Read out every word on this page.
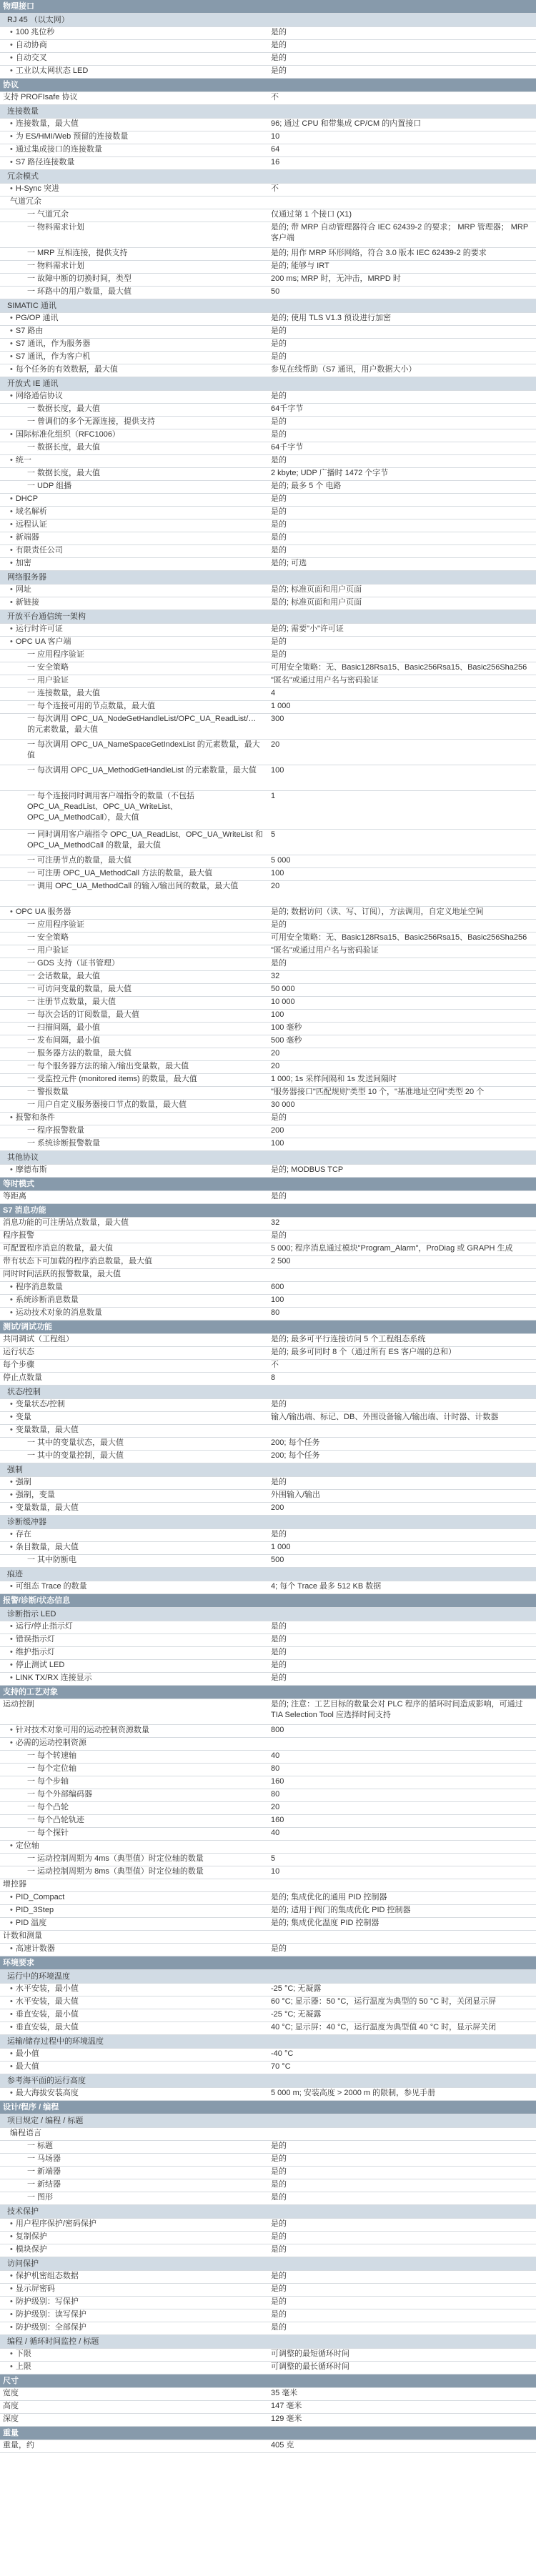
物理接口	
RJ 45 （以太网）	
• 100 兆位秒	是的
• 自动协商	是的
• 自动交叉	是的
• 工业以太网状态 LED	是的
协议	
支持 PROFIsafe 协议	不
连接数量	
• 连接数量，最大值	96; 通过 CPU 和带集成 CP/CM 的内置接口
• 为 ES/HMI/Web 预留的连接数量	10
• 通过集成接口的连接数量	64
• S7 路径连接数量	16
冗余模式	
• H-Sync 突进	不
气道冗余	
一 气道冗余	仅通过第 1 个接口 (X1)
一 物料需求计划	是的; 带 MRP 自动管理器符合 IEC 62439-2 的要求； MRP 管理器； MRP 客户端
一 MRP 互相连接，提供支持	是的; 用作 MRP 环形网络，符合 3.0 版本 IEC 62439-2 的要求
一 物料需求计划	是的; 能够与 IRT
一 故障中断的切换时间，类型	200 ms; MRP 时，无冲击，MRPD 时
一 环路中的用户数量，最大值	50
SIMATIC 通讯	
• PG/OP 通讯	是的; 使用 TLS V1.3 预设进行加密
• S7 路由	是的
• S7 通讯，作为服务器	是的
• S7 通讯，作为客户机	是的
• 每个任务的有效数据，最大值	参见在线帮助（S7 通讯，用户数据大小）
开放式 IE 通讯	
• 网络通信协议	是的
一 数据长度，最大值	64千字节
一 曾调们的多个无源连接，提供支持	是的
• 国际标准化组织（RFC1006）	是的
一 数据长度，最大值	64千字节
• 统一	是的
一 数据长度，最大值	2 kbyte; UDP 广播时 1472 个字节
一 UDP 组播	是的; 最多 5 个 电路
• DHCP	是的
• 域名解析	是的
• 远程认证	是的
• 新端器	是的
• 有限责任公司	是的
• 加密	是的; 可选
网络服务器	
• 网址	是的; 标准页面和用户页面
• 新链接	是的; 标准页面和用户页面
开放平台通信统一架构	
• 运行时许可证	是的; 需要"小"许可证
• OPC UA 客户端	是的
一 应用程序验证	是的
一 安全策略	可用安全策略：无、Basic128Rsa15、Basic256Rsa15、Basic256Sha256
一 用户验证	"匿名"或通过用户名与密码验证
一 连接数量，最大值	4
一 每个连接可用的节点数量，最大值	1 000
一 每次调用 OPC_UA_NodeGetHandleList/OPC_UA_ReadList/… 的元素数量，最大值	300
一 每次调用 OPC_UA_NameSpaceGetIndexList 的元素数量，最大值	20
一 每次调用 OPC_UA_MethodGetHandleList 的元素数量，最大值	100
一 每个连接同时调用客户端指令的数量（不包括 OPC_UA_ReadList、OPC_UA_WriteList、OPC_UA_MethodCall），最大值	1
一 同时调用客户端指令 OPC_UA_ReadList、OPC_UA_WriteList 和 OPC_UA_MethodCall 的数量，最大值	5
一 可注册节点的数量，最大值	5 000
一 可注册 OPC_UA_MethodCall 方法的数量，最大值	100
一 调用 OPC_UA_MethodCall 的输入/输出间的数量，最大值	20
• OPC UA 服务器	是的; 数据访问（读、写、订阅），方法调用，自定义地址空间
一 应用程序验证	是的
一 安全策略	可用安全策略：无、Basic128Rsa15、Basic256Rsa15、Basic256Sha256
一 用户验证	"匿名"或通过用户名与密码验证
一 GDS 支持（证书管理）	是的
一 会话数量，最大值	32
一 可访问变量的数量，最大值	50 000
一 注册节点数量，最大值	10 000
一 每次会话的订阅数量，最大值	100
一 扫描间隔，最小值	100 毫秒
一 发布间隔，最小值	500 毫秒
一 服务器方法的数量，最大值	20
一 每个服务器方法的输入/输出变量数，最大值	20
一 受监控元件 (monitored items) 的数量，最大值	1 000; 1s 采样间隔和 1s 发送间隔时
一 警报数量	"服务器接口"匹配规则"类型 10 个，"基准地址空间"类型 20 个
一 用户自定义服务器接口节点的数量，最大值	30 000
• 报警和条件	是的
一 程序报警数量	200
一 系统诊断报警数量	100
其他协议	
• 摩德布斯	是的; MODBUS TCP
等时模式	
等距离	是的
S7 消息功能	
消息功能的可注册站点数量，最大值	32
程序报警	是的
可配置程序消息的数量，最大值	5 000; 程序消息通过模块"Program_Alarm"，ProDiag 或 GRAPH 生成
带有状态下可加载的程序消息数量，最大值	2 500
同时时间活跃的报警数量，最大值	
• 程序消息数量	600
• 系统诊断消息数量	100
• 运动技术对象的消息数量	80
测试/调试功能	
共同调试（工程组）	是的; 最多可平行连接访问 5 个工程组态系统
运行状态	是的; 最多可同时 8 个（通过所有 ES 客户端的总和）
每个步骤	不
停止点数量	8
状态/控制	
• 变量状态/控制	是的
• 变量	输入/输出端、标记、DB、外围设备输入/输出端、计时器、计数器
• 变量数量，最大值	
一 其中的变量状态，最大值	200; 每个任务
一 其中的变量控制，最大值	200; 每个任务
强制	
• 强制	是的
• 强制，变量	外围输入/输出
• 变量数量，最大值	200
诊断缓冲器	
• 存在	是的
• 条目数量，最大值	1 000
一 其中防断电	500
痕迹	
• 可组态 Trace 的数量	4; 每个 Trace 最多 512 KB 数据
报警/诊断/状态信息	
诊断指示 LED	
• 运行/停止指示灯	是的
• 错误指示灯	是的
• 维护指示灯	是的
• 停止测试 LED	是的
• LINK TX/RX 连接显示	是的
支持的工艺对象	
运动控制	是的; 注意：工艺目标的数量会对 PLC 程序的循环时间造成影响，可通过 TIA Selection Tool 应选择时间支持
• 针对技术对象可用的运动控制资源数量	800
• 必需的运动控制资源	
一 每个转速轴	40
一 每个定位轴	80
一 每个步轴	160
一 每个外部编码器	80
一 每个凸轮	20
一 每个凸轮轨迹	160
一 每个探针	40
• 定位轴	
一 运动控制周期为 4ms（典型值）时定位轴的数量	5
一 运动控制周期为 8ms（典型值）时定位轴的数量	10
增控器	
• PID_Compact	是的; 集成优化的通用 PID 控制器
• PID_3Step	是的; 适用于阀门的集成优化 PID 控制器
• PID 温度	是的; 集成优化温度 PID 控制器
计数和测量	
• 高速计数器	是的
环境要求	
运行中的环境温度	
• 水平安装，最小值	-25 °C; 无凝露
• 水平安装，最大值	60 °C; 显示器：50 °C，运行温度为典型的 50 °C 时，关闭显示屏
• 垂直安装，最小值	-25 °C; 无凝露
• 垂直安装，最大值	40 °C; 显示屏：40 °C，运行温度为典型值 40 °C 时，显示屏关闭
运输/储存过程中的环境温度	
• 最小值	-40 °C
• 最大值	70 °C
参考海平面的运行高度	
• 最大海拔安装高度	5 000 m; 安装高度 > 2000 m 的限制，参见手册
设计/程序 / 编程	
项目规定 / 编程 / 标题	
编程语言	
一 标题	是的
一 马场器	是的
一 新端器	是的
一 新结器	是的
一 图形	是的
技术保护	
• 用户程序保护/密码保护	是的
• 复制保护	是的
• 模块保护	是的
访问保护	
• 保护机密组态数据	是的
• 显示屏密码	是的
• 防护级别：写保护	是的
• 防护级别：读写保护	是的
• 防护级别：全部保护	是的
编程 / 循环时间监控 / 标题	
• 下限	可调整的最短循环时间
• 上限	可调整的最长循环时间
尺寸	
宽度	35 毫米
高度	147 毫米
深度	129 毫米
重量	
重量，约	405 克
